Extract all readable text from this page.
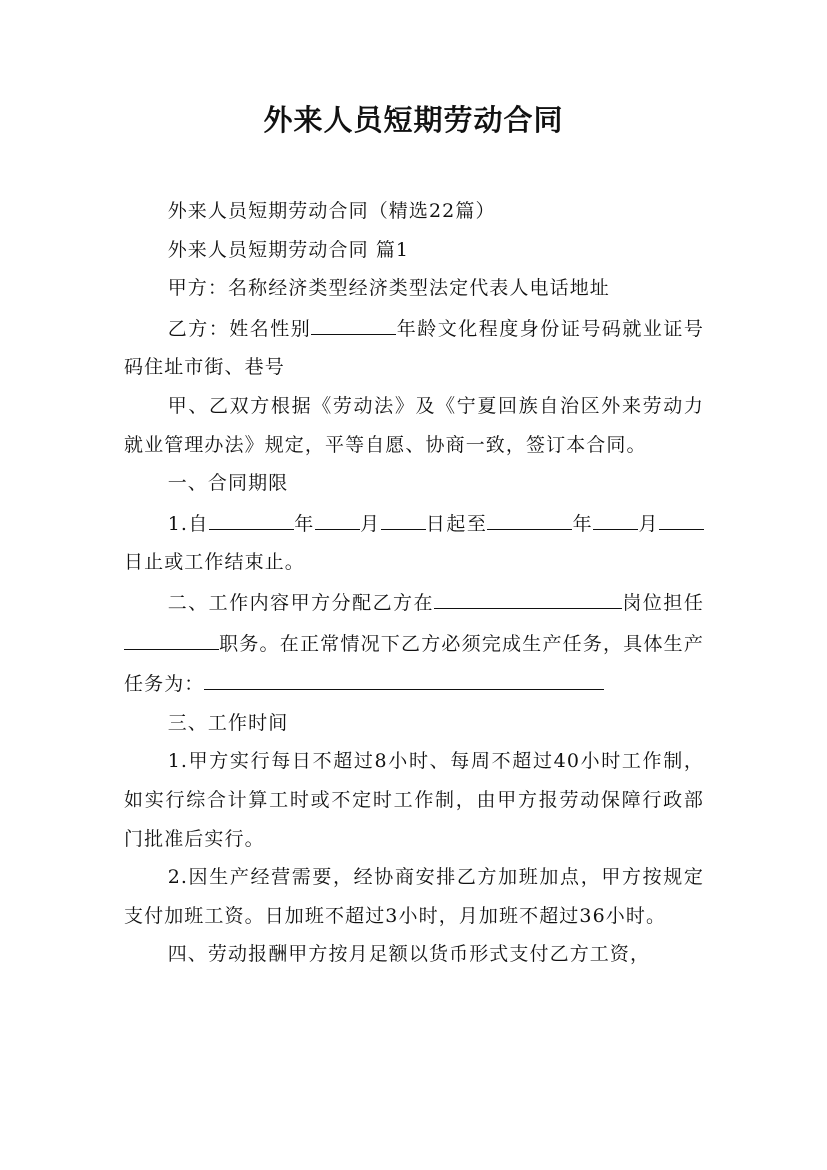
外来人员短期劳动合同

外来人员短期劳动合同（精选22篇）

外来人员短期劳动合同 篇1

甲方：名称经济类型经济类型法定代表人电话地址

乙方：姓名性别	年龄文化程度身份证号码就业证号码住址市街、巷号

甲、乙双方根据《劳动法》及《宁夏回族自治区外来劳动力就业管理办法》规定，平等自愿、协商一致，签订本合同。

一、合同期限

1.自	年 月 日起至	年 月日止或工作结束止。

二、工作内容甲方分配乙方在	岗位担任职务。在正常情况下乙方必须完成生产任务，具体生产任务为：

三、工作时间

1.甲方实行每日不超过8小时、每周不超过40小时工作制，如实行综合计算工时或不定时工作制，由甲方报劳动保障行政部门批准后实行。

2.因生产经营需要，经协商安排乙方加班加点，甲方按规定支付加班工资。日加班不超过3小时，月加班不超过36小时。

四、劳动报酬甲方按月足额以货币形式支付乙方工资，
